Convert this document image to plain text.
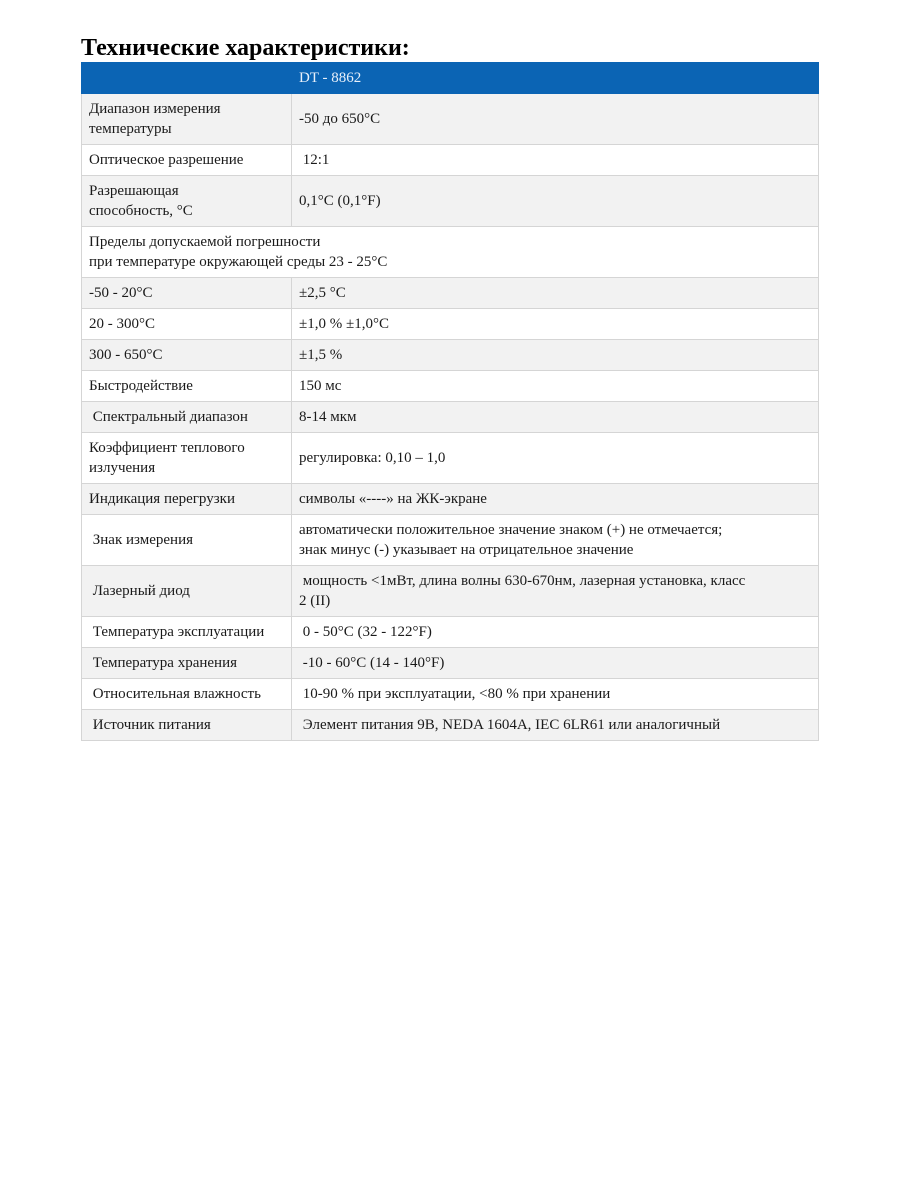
Технические характеристики:
	DT - 8862
Диапазон измерения
температуры	-50 до 650°С
Оптическое разрешение	12:1
Разрешающая
способность, °С	0,1°C (0,1°F)
Пределы допускаемой погрешности
при температуре окружающей среды 23 - 25°С	
-50 - 20°С	±2,5 °C
20 - 300°С	±1,0 % ±1,0°C
300 - 650°С	±1,5 %
Быстродействие	150 мс
Спектральный диапазон	8-14 мкм
Коэффициент теплового
излучения	регулировка: 0,10 – 1,0
Индикация перегрузки	символы «----» на ЖК-экране
Знак измерения	автоматически положительное значение знаком (+) не отмечается;
знак минус (-) указывает на отрицательное значение
Лазерный диод	мощность <1мВт, длина волны 630-670нм, лазерная установка, класс
2 (II)
Температура эксплуатации	0 - 50°С (32 - 122°F)
Температура хранения	-10 - 60°С (14 - 140°F)
Относительная влажность	10-90 % при эксплуатации, <80 % при хранении
Источник питания	Элемент питания 9В, NEDA 1604A, IEC 6LR61 или аналогичный
